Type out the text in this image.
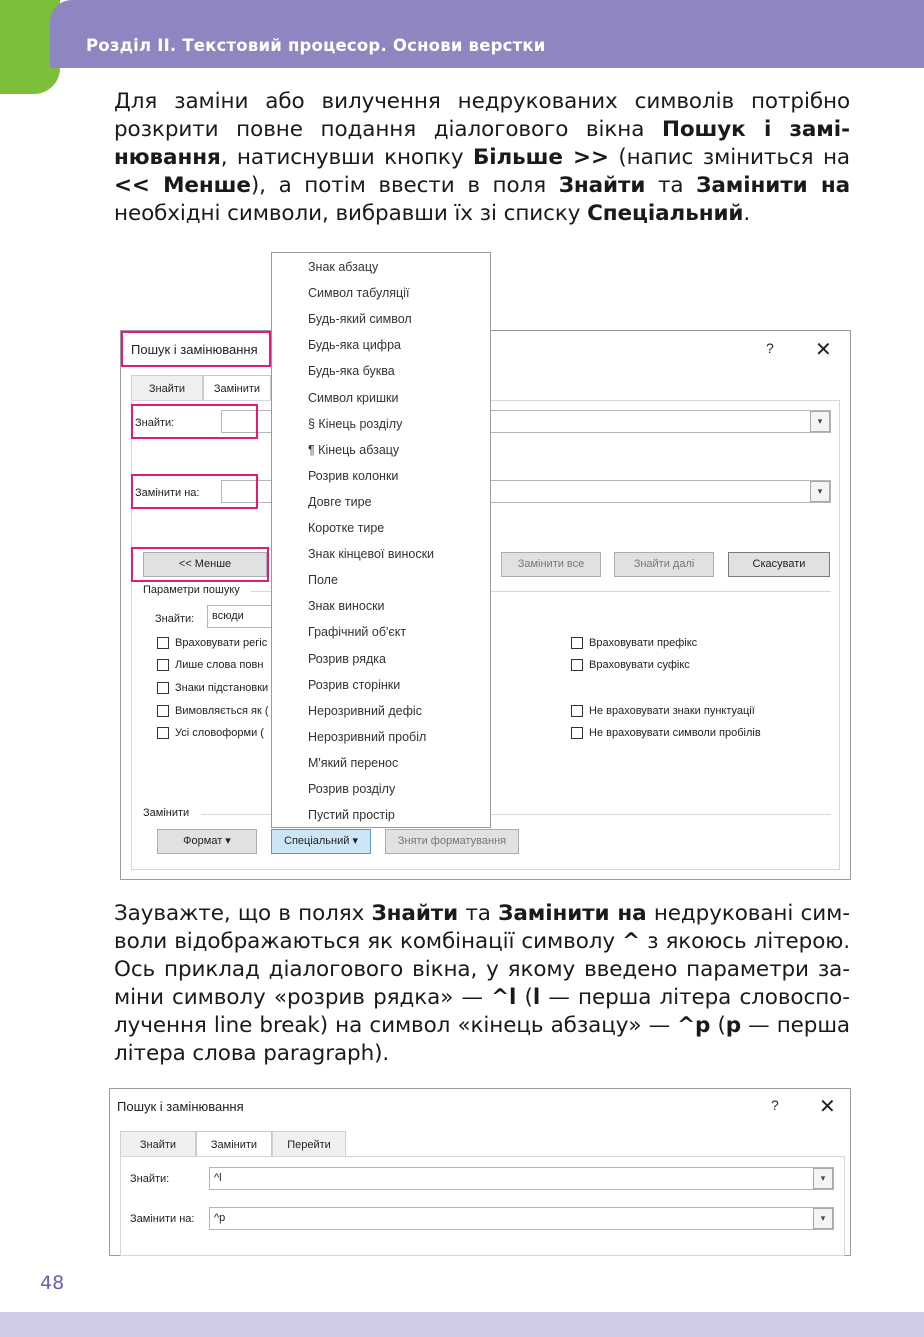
Розділ II. Текстовий процесор. Основи верстки
Для заміни або вилучення недрукованих символів потрібно розкрити повне подання діалогового вікна Пошук і замінювання, натиснувши кнопку Більше >> (напис зміниться на << Менше), а потім ввести в поля Знайти та Замінити на необхідні символи, вибравши їх зі списку Спеціальний.
Пошук і замінювання	? ✕
Знайти	Замінити
Знайти:	▾
Замінити на:	▾
<< Менше	Замінити все	Знайти далі	Скасувати
Параметри пошуку
Знайти:	всюди
Враховувати регіс
Лише слова повн
Знаки підстановки
Вимовляється як (
Усі словоформи (
Враховувати префікс
Враховувати суфікс
Не враховувати знаки пунктуації
Не враховувати символи пробілів
Замінити
Формат ▾	Спеціальний ▾	Зняти форматування
Знак абзацу
Символ табуляції
Будь-який символ
Будь-яка цифра
Будь-яка буква
Символ кришки
§ Кінець розділу
¶ Кінець абзацу
Розрив колонки
Довге тире
Коротке тире
Знак кінцевої виноски
Поле
Знак виноски
Графічний об'єкт
Розрив рядка
Розрив сторінки
Нерозривний дефіс
Нерозривний пробіл
М'який перенос
Розрив розділу
Пустий простір
Зауважте, що в полях Знайти та Замінити на недруковані символи відображаються як комбінації символу ^ з якоюсь літерою. Ось приклад діалогового вікна, у якому введено параметри заміни символу «розрив рядка» — ^l (l — перша літера словосполучення line break) на символ «кінець абзацу» — ^p (p — перша літера слова paragraph).
Пошук і замінювання	? ✕
Знайти	Замінити	Перейти
Знайти:	^l	▾
Замінити на:	^p	▾
48
